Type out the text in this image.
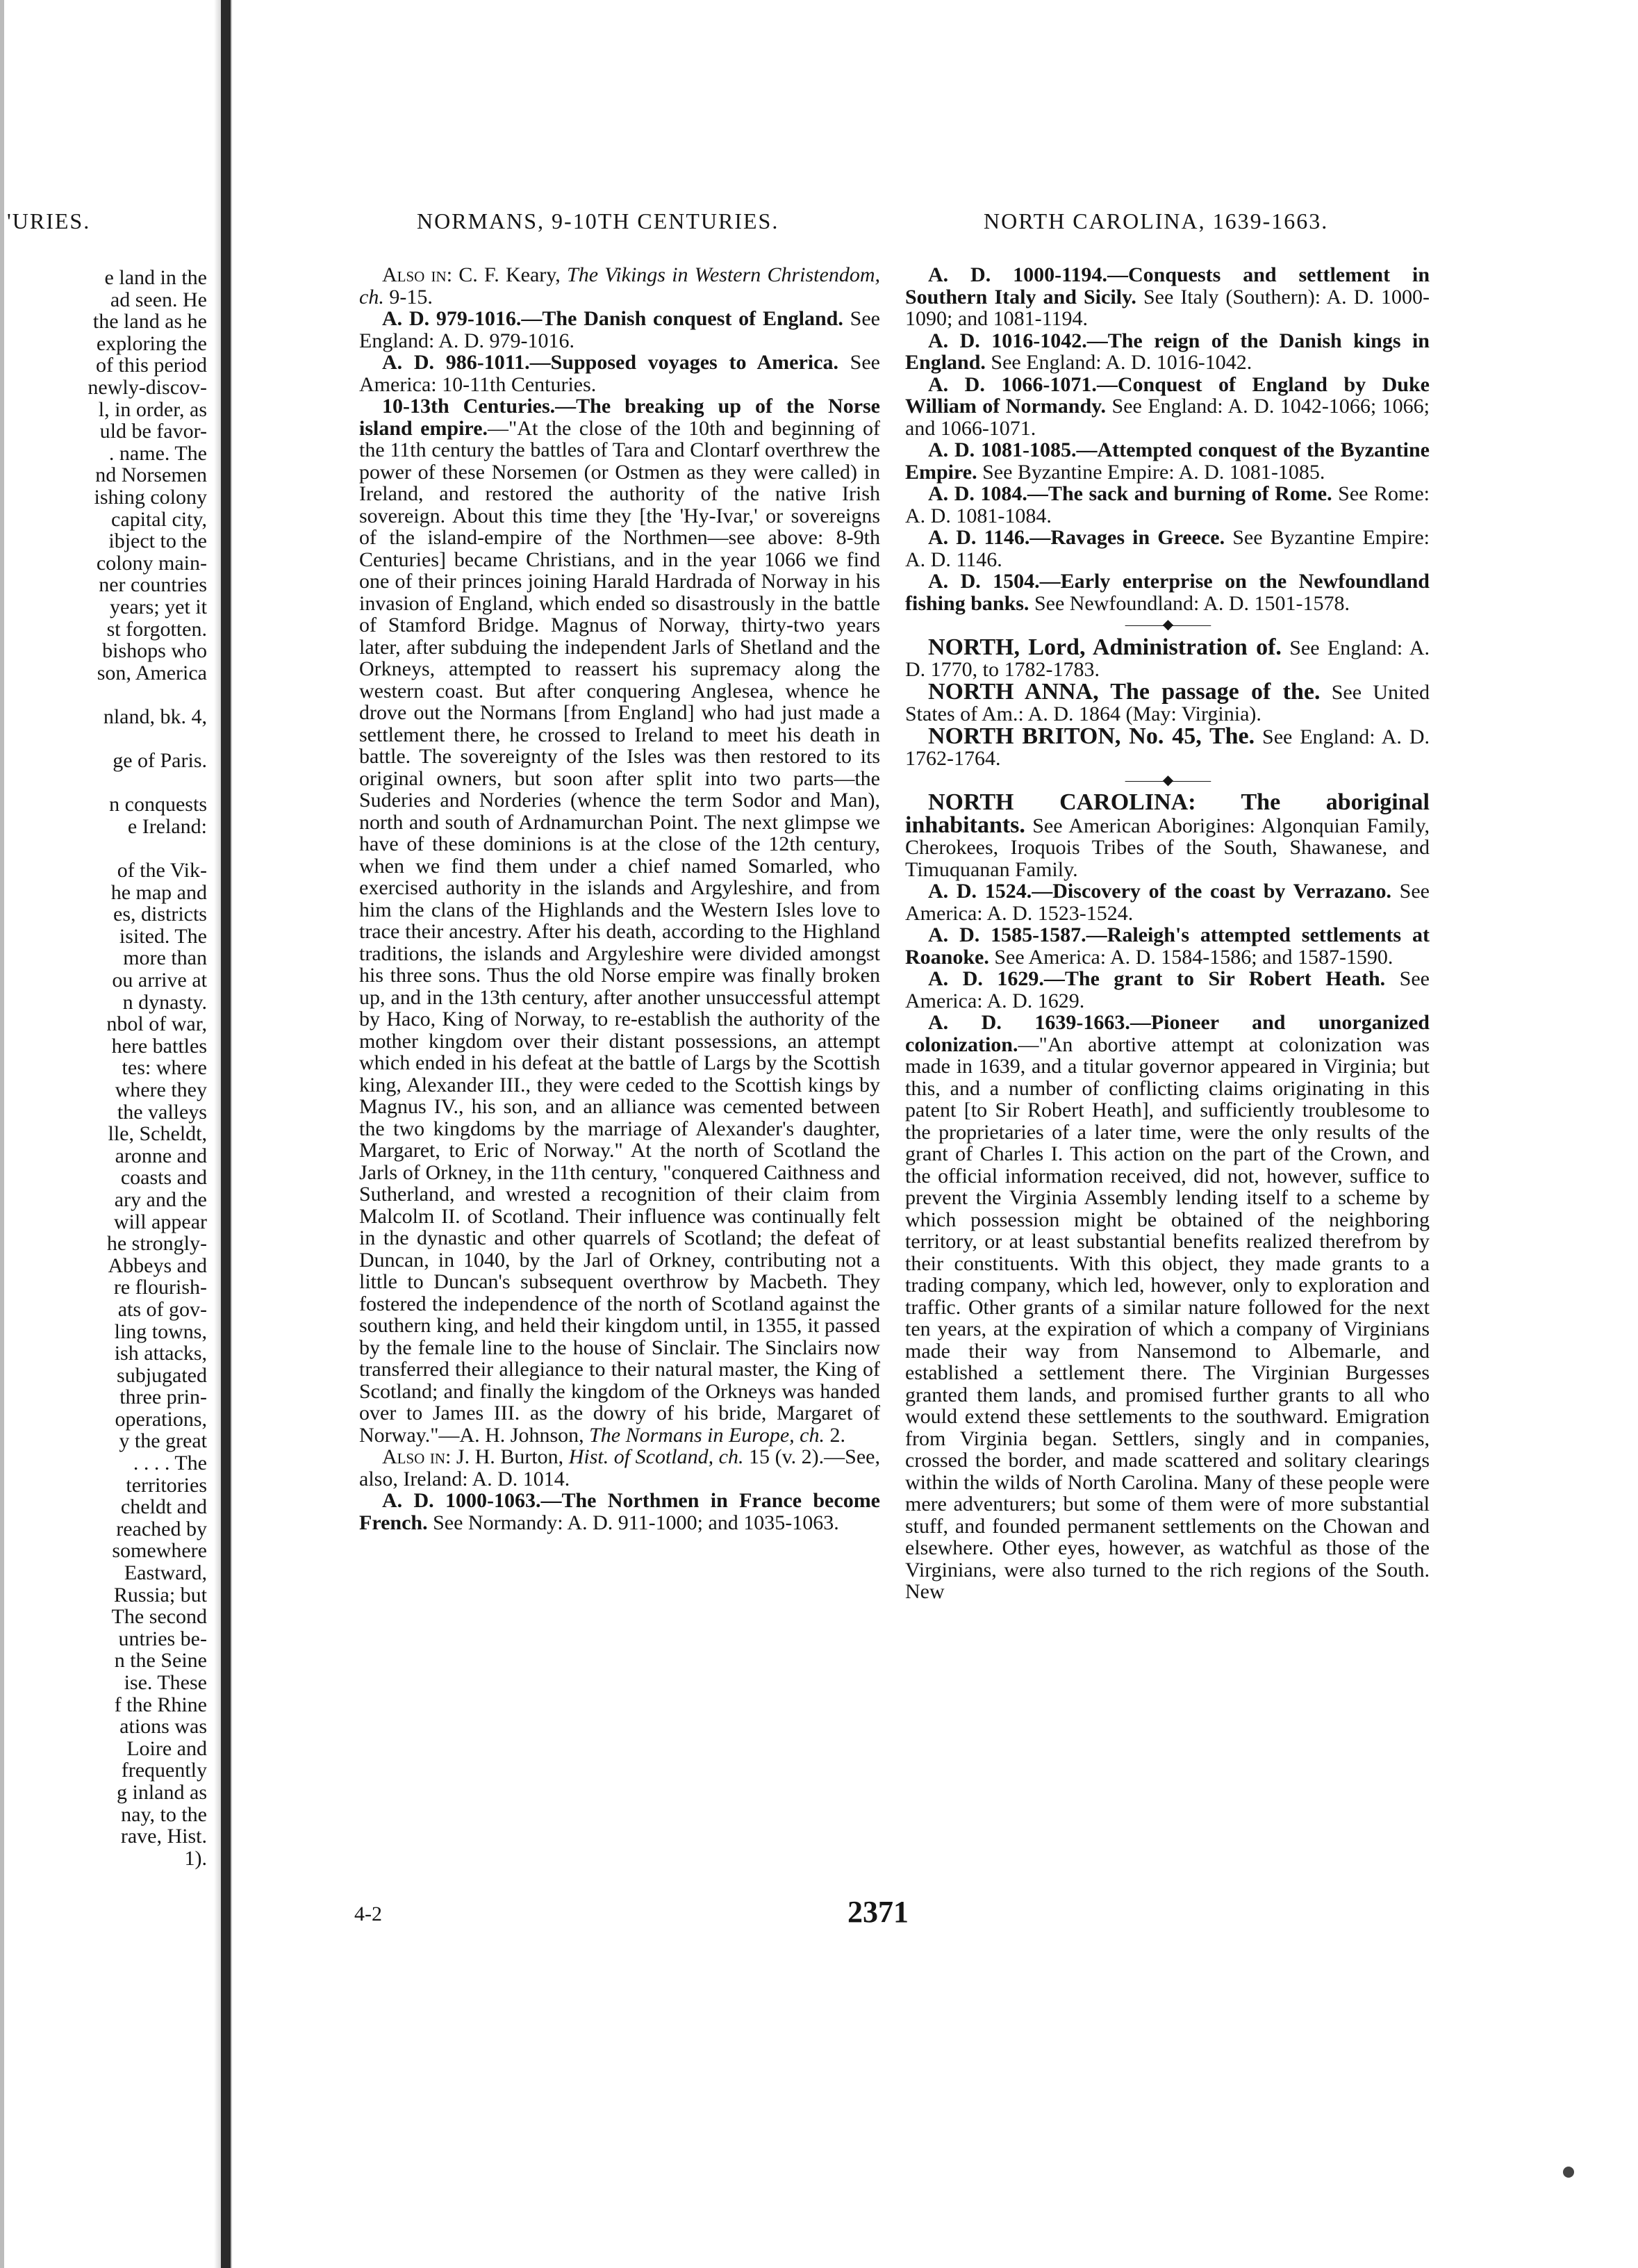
'URIES.
e land in the
ad seen. He
the land as he
exploring the
of this period
newly-discov-
l, in order, as
uld be favor-
. name. The
nd Norsemen
ishing colony
capital city,
ibject to the
colony main-
ner countries
years; yet it
st forgotten.
bishops who
son, America
nland, bk. 4,
ge of Paris.
n conquests
e Ireland:
of the Vik-
he map and
es, districts
isited. The
more than
ou arrive at
n dynasty.
nbol of war,
here battles
tes: where
where they
the valleys
lle, Scheldt,
aronne and
coasts and
ary and the
will appear
he strongly-
Abbeys and
re flourish-
ats of gov-
ling towns,
ish attacks,
subjugated
three prin-
operations,
y the great
. . . . The
territories
cheldt and
reached by
somewhere
Eastward,
Russia; but
The second
untries be-
n the Seine
ise. These
f the Rhine
ations was
Loire and
frequently
g inland as
nay, to the
rave, Hist.
1).
NORMANS, 9-10TH CENTURIES.	NORTH CAROLINA, 1639-1663.

Also in: C. F. Keary, The Vikings in Western Christendom, ch. 9-15.

A. D. 979-1016.—The Danish conquest of England. See England: A. D. 979-1016.

A. D. 986-1011.—Supposed voyages to America. See America: 10-11th Centuries.

10-13th Centuries.—The breaking up of the Norse island empire.—"At the close of the 10th and beginning of the 11th century the battles of Tara and Clontarf overthrew the power of these Norsemen (or Ostmen as they were called) in Ireland, and restored the authority of the native Irish sovereign. About this time they [the 'Hy-Ivar,' or sovereigns of the island-empire of the Northmen—see above: 8-9th Centuries] became Christians, and in the year 1066 we find one of their princes joining Harald Hardrada of Norway in his invasion of England, which ended so disastrously in the battle of Stamford Bridge. Magnus of Norway, thirty-two years later, after subduing the independent Jarls of Shetland and the Orkneys, attempted to reassert his supremacy along the western coast. But after conquering Anglesea, whence he drove out the Normans [from England] who had just made a settlement there, he crossed to Ireland to meet his death in battle. The sovereignty of the Isles was then restored to its original owners, but soon after split into two parts—the Suderies and Norderies (whence the term Sodor and Man), north and south of Ardnamurchan Point. The next glimpse we have of these dominions is at the close of the 12th century, when we find them under a chief named Somarled, who exercised authority in the islands and Argyleshire, and from him the clans of the Highlands and the Western Isles love to trace their ancestry. After his death, according to the Highland traditions, the islands and Argyleshire were divided amongst his three sons. Thus the old Norse empire was finally broken up, and in the 13th century, after another unsuccessful attempt by Haco, King of Norway, to re-establish the authority of the mother kingdom over their distant possessions, an attempt which ended in his defeat at the battle of Largs by the Scottish king, Alexander III., they were ceded to the Scottish kings by Magnus IV., his son, and an alliance was cemented between the two kingdoms by the marriage of Alexander's daughter, Margaret, to Eric of Norway." At the north of Scotland the Jarls of Orkney, in the 11th century, "conquered Caithness and Sutherland, and wrested a recognition of their claim from Malcolm II. of Scotland. Their influence was continually felt in the dynastic and other quarrels of Scotland; the defeat of Duncan, in 1040, by the Jarl of Orkney, contributing not a little to Duncan's subsequent overthrow by Macbeth. They fostered the independence of the north of Scotland against the southern king, and held their kingdom until, in 1355, it passed by the female line to the house of Sinclair. The Sinclairs now transferred their allegiance to their natural master, the King of Scotland; and finally the kingdom of the Orkneys was handed over to James III. as the dowry of his bride, Margaret of Norway."—A. H. Johnson, The Normans in Europe, ch. 2.

Also in: J. H. Burton, Hist. of Scotland, ch. 15 (v. 2).—See, also, Ireland: A. D. 1014.

A. D. 1000-1063.—The Northmen in France become French. See Normandy: A. D. 911-1000; and 1035-1063.

A. D. 1000-1194.—Conquests and settlement in Southern Italy and Sicily. See Italy (Southern): A. D. 1000-1090; and 1081-1194.

A. D. 1016-1042.—The reign of the Danish kings in England. See England: A. D. 1016-1042.

A. D. 1066-1071.—Conquest of England by Duke William of Normandy. See England: A. D. 1042-1066; 1066; and 1066-1071.

A. D. 1081-1085.—Attempted conquest of the Byzantine Empire. See Byzantine Empire: A. D. 1081-1085.

A. D. 1084.—The sack and burning of Rome. See Rome: A. D. 1081-1084.

A. D. 1146.—Ravages in Greece. See Byzantine Empire: A. D. 1146.

A. D. 1504.—Early enterprise on the Newfoundland fishing banks. See Newfoundland: A. D. 1501-1578.

———◆———

NORTH, Lord, Administration of. See England: A. D. 1770, to 1782-1783.

NORTH ANNA, The passage of the. See United States of Am.: A. D. 1864 (May: Virginia).

NORTH BRITON, No. 45, The. See England: A. D. 1762-1764.

———◆———

NORTH CAROLINA: The aboriginal inhabitants. See American Aborigines: Algonquian Family, Cherokees, Iroquois Tribes of the South, Shawanese, and Timuquanan Family.

A. D. 1524.—Discovery of the coast by Verrazano. See America: A. D. 1523-1524.

A. D. 1585-1587.—Raleigh's attempted settlements at Roanoke. See America: A. D. 1584-1586; and 1587-1590.

A. D. 1629.—The grant to Sir Robert Heath. See America: A. D. 1629.

A. D. 1639-1663.—Pioneer and unorganized colonization.—"An abortive attempt at colonization was made in 1639, and a titular governor appeared in Virginia; but this, and a number of conflicting claims originating in this patent [to Sir Robert Heath], and sufficiently troublesome to the proprietaries of a later time, were the only results of the grant of Charles I. This action on the part of the Crown, and the official information received, did not, however, suffice to prevent the Virginia Assembly lending itself to a scheme by which possession might be obtained of the neighboring territory, or at least substantial benefits realized therefrom by their constituents. With this object, they made grants to a trading company, which led, however, only to exploration and traffic. Other grants of a similar nature followed for the next ten years, at the expiration of which a company of Virginians made their way from Nansemond to Albemarle, and established a settlement there. The Virginian Burgesses granted them lands, and promised further grants to all who would extend these settlements to the southward. Emigration from Virginia began. Settlers, singly and in companies, crossed the border, and made scattered and solitary clearings within the wilds of North Carolina. Many of these people were mere adventurers; but some of them were of more substantial stuff, and founded permanent settlements on the Chowan and elsewhere. Other eyes, however, as watchful as those of the Virginians, were also turned to the rich regions of the South. New

4-2	2371
